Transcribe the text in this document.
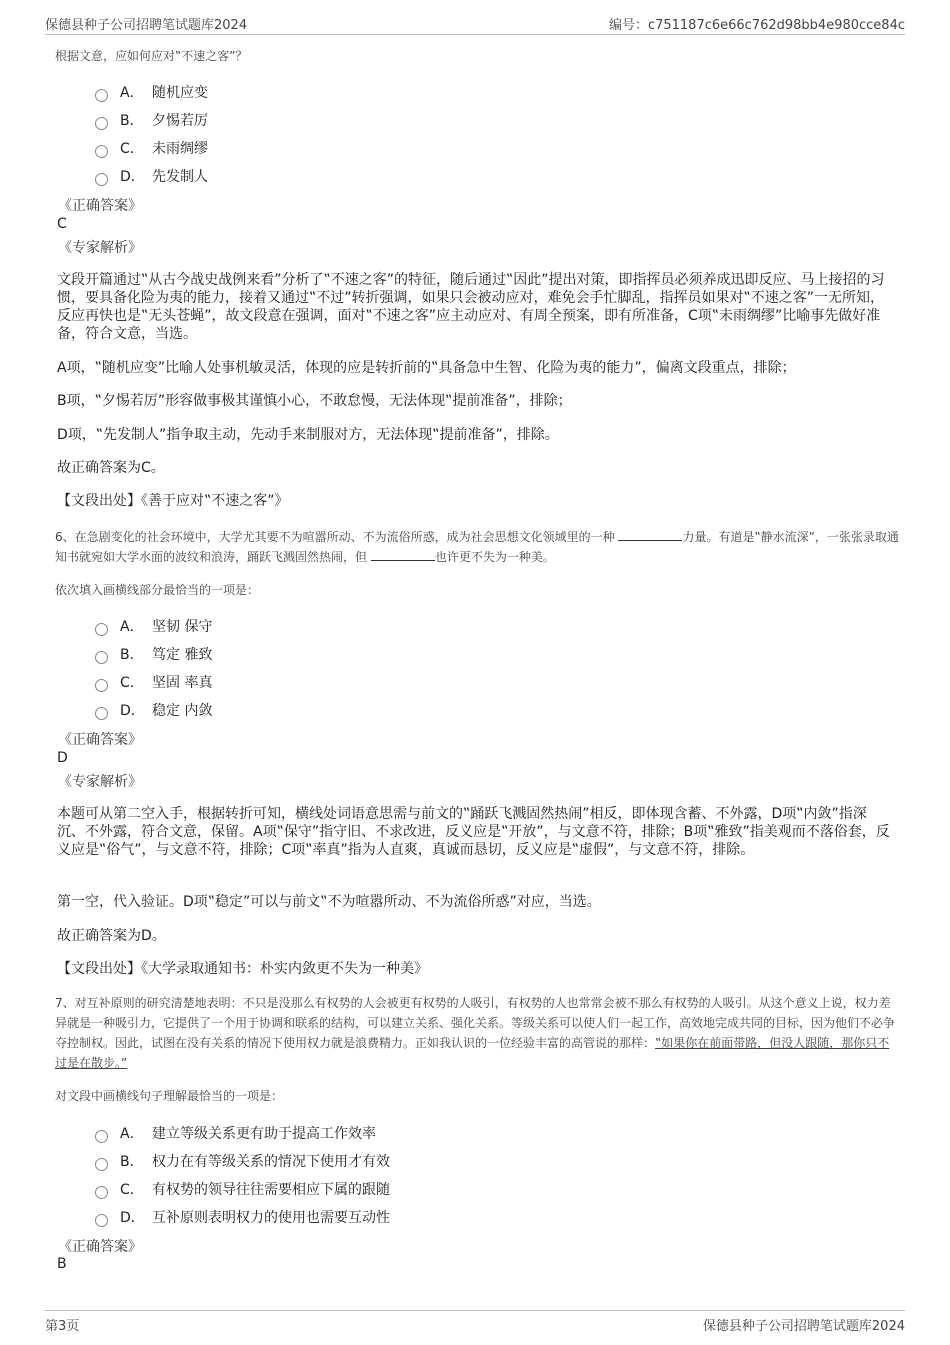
保德县种子公司招聘笔试题库2024	编号：c751187c6e66c762d98bb4e980cce84c
根据文意，应如何应对‟不速之客”？
A． 随机应变
B． 夕惕若厉
C． 未雨绸缪
D． 先发制人
《正确答案》
C
《专家解析》
文段开篇通过‟从古今战史战例来看”分析了‟不速之客”的特征，随后通过‟因此”提出对策，即指挥员必须养成迅即反应、马上接招的习惯，要具备化险为夷的能力，接着又通过‟不过”转折强调，如果只会被动应对，难免会手忙脚乱，指挥员如果对‟不速之客”一无所知，反应再快也是‟无头苍蝇”，故文段意在强调，面对‟不速之客”应主动应对、有周全预案，即有所准备，C项‟未雨绸缪”比喻事先做好准备，符合文意，当选。
A项，‟随机应变”比喻人处事机敏灵活，体现的应是转折前的‟具备急中生智、化险为夷的能力”，偏离文段重点，排除；
B项，‟夕惕若厉”形容做事极其谨慎小心，不敢怠慢，无法体现‟提前准备”，排除；
D项，‟先发制人”指争取主动，先动手来制服对方，无法体现‟提前准备”，排除。
故正确答案为C。
【文段出处】《善于应对‟不速之客”》
6、在急剧变化的社会环境中，大学尤其要不为喧嚣所动、不为流俗所惑，成为社会思想文化领域里的一种	力量。有道是‟静水流深”，一张张录取通知书就宛如大学水面的波纹和浪涛，踊跃飞溅固然热闹，但	也许更不失为一种美。
依次填入画横线部分最恰当的一项是：
A． 坚韧 保守
B． 笃定 雅致
C． 坚固 率真
D． 稳定 内敛
《正确答案》
D
《专家解析》
本题可从第二空入手，根据转折可知，横线处词语意思需与前文的‟踊跃飞溅固然热闹”相反，即体现含蓄、不外露，D项‟内敛”指深沉、不外露，符合文意，保留。A项‟保守”指守旧、不求改进，反义应是‟开放”，与文意不符，排除；B项‟雅致”指美观而不落俗套，反义应是‟俗气”，与文意不符，排除；C项‟率真”指为人直爽，真诚而恳切，反义应是‟虚假”，与文意不符，排除。
第一空，代入验证。D项‟稳定”可以与前文‟不为喧嚣所动、不为流俗所惑”对应，当选。
故正确答案为D。
【文段出处】《大学录取通知书：朴实内敛更不失为一种美》
7、对互补原则的研究清楚地表明：不只是没那么有权势的人会被更有权势的人吸引，有权势的人也常常会被不那么有权势的人吸引。从这个意义上说，权力差异就是一种吸引力，它提供了一个用于协调和联系的结构，可以建立关系、强化关系。等级关系可以使人们一起工作，高效地完成共同的目标，因为他们不必争夺控制权。因此，试图在没有关系的情况下使用权力就是浪费精力。正如我认识的一位经验丰富的高管说的那样：‟如果你在前面带路，但没人跟随，那你只不过是在散步。”
对文段中画横线句子理解最恰当的一项是：
A． 建立等级关系更有助于提高工作效率
B． 权力在有等级关系的情况下使用才有效
C． 有权势的领导往往需要相应下属的跟随
D． 互补原则表明权力的使用也需要互动性
《正确答案》
B
第3页	保德县种子公司招聘笔试题库2024
